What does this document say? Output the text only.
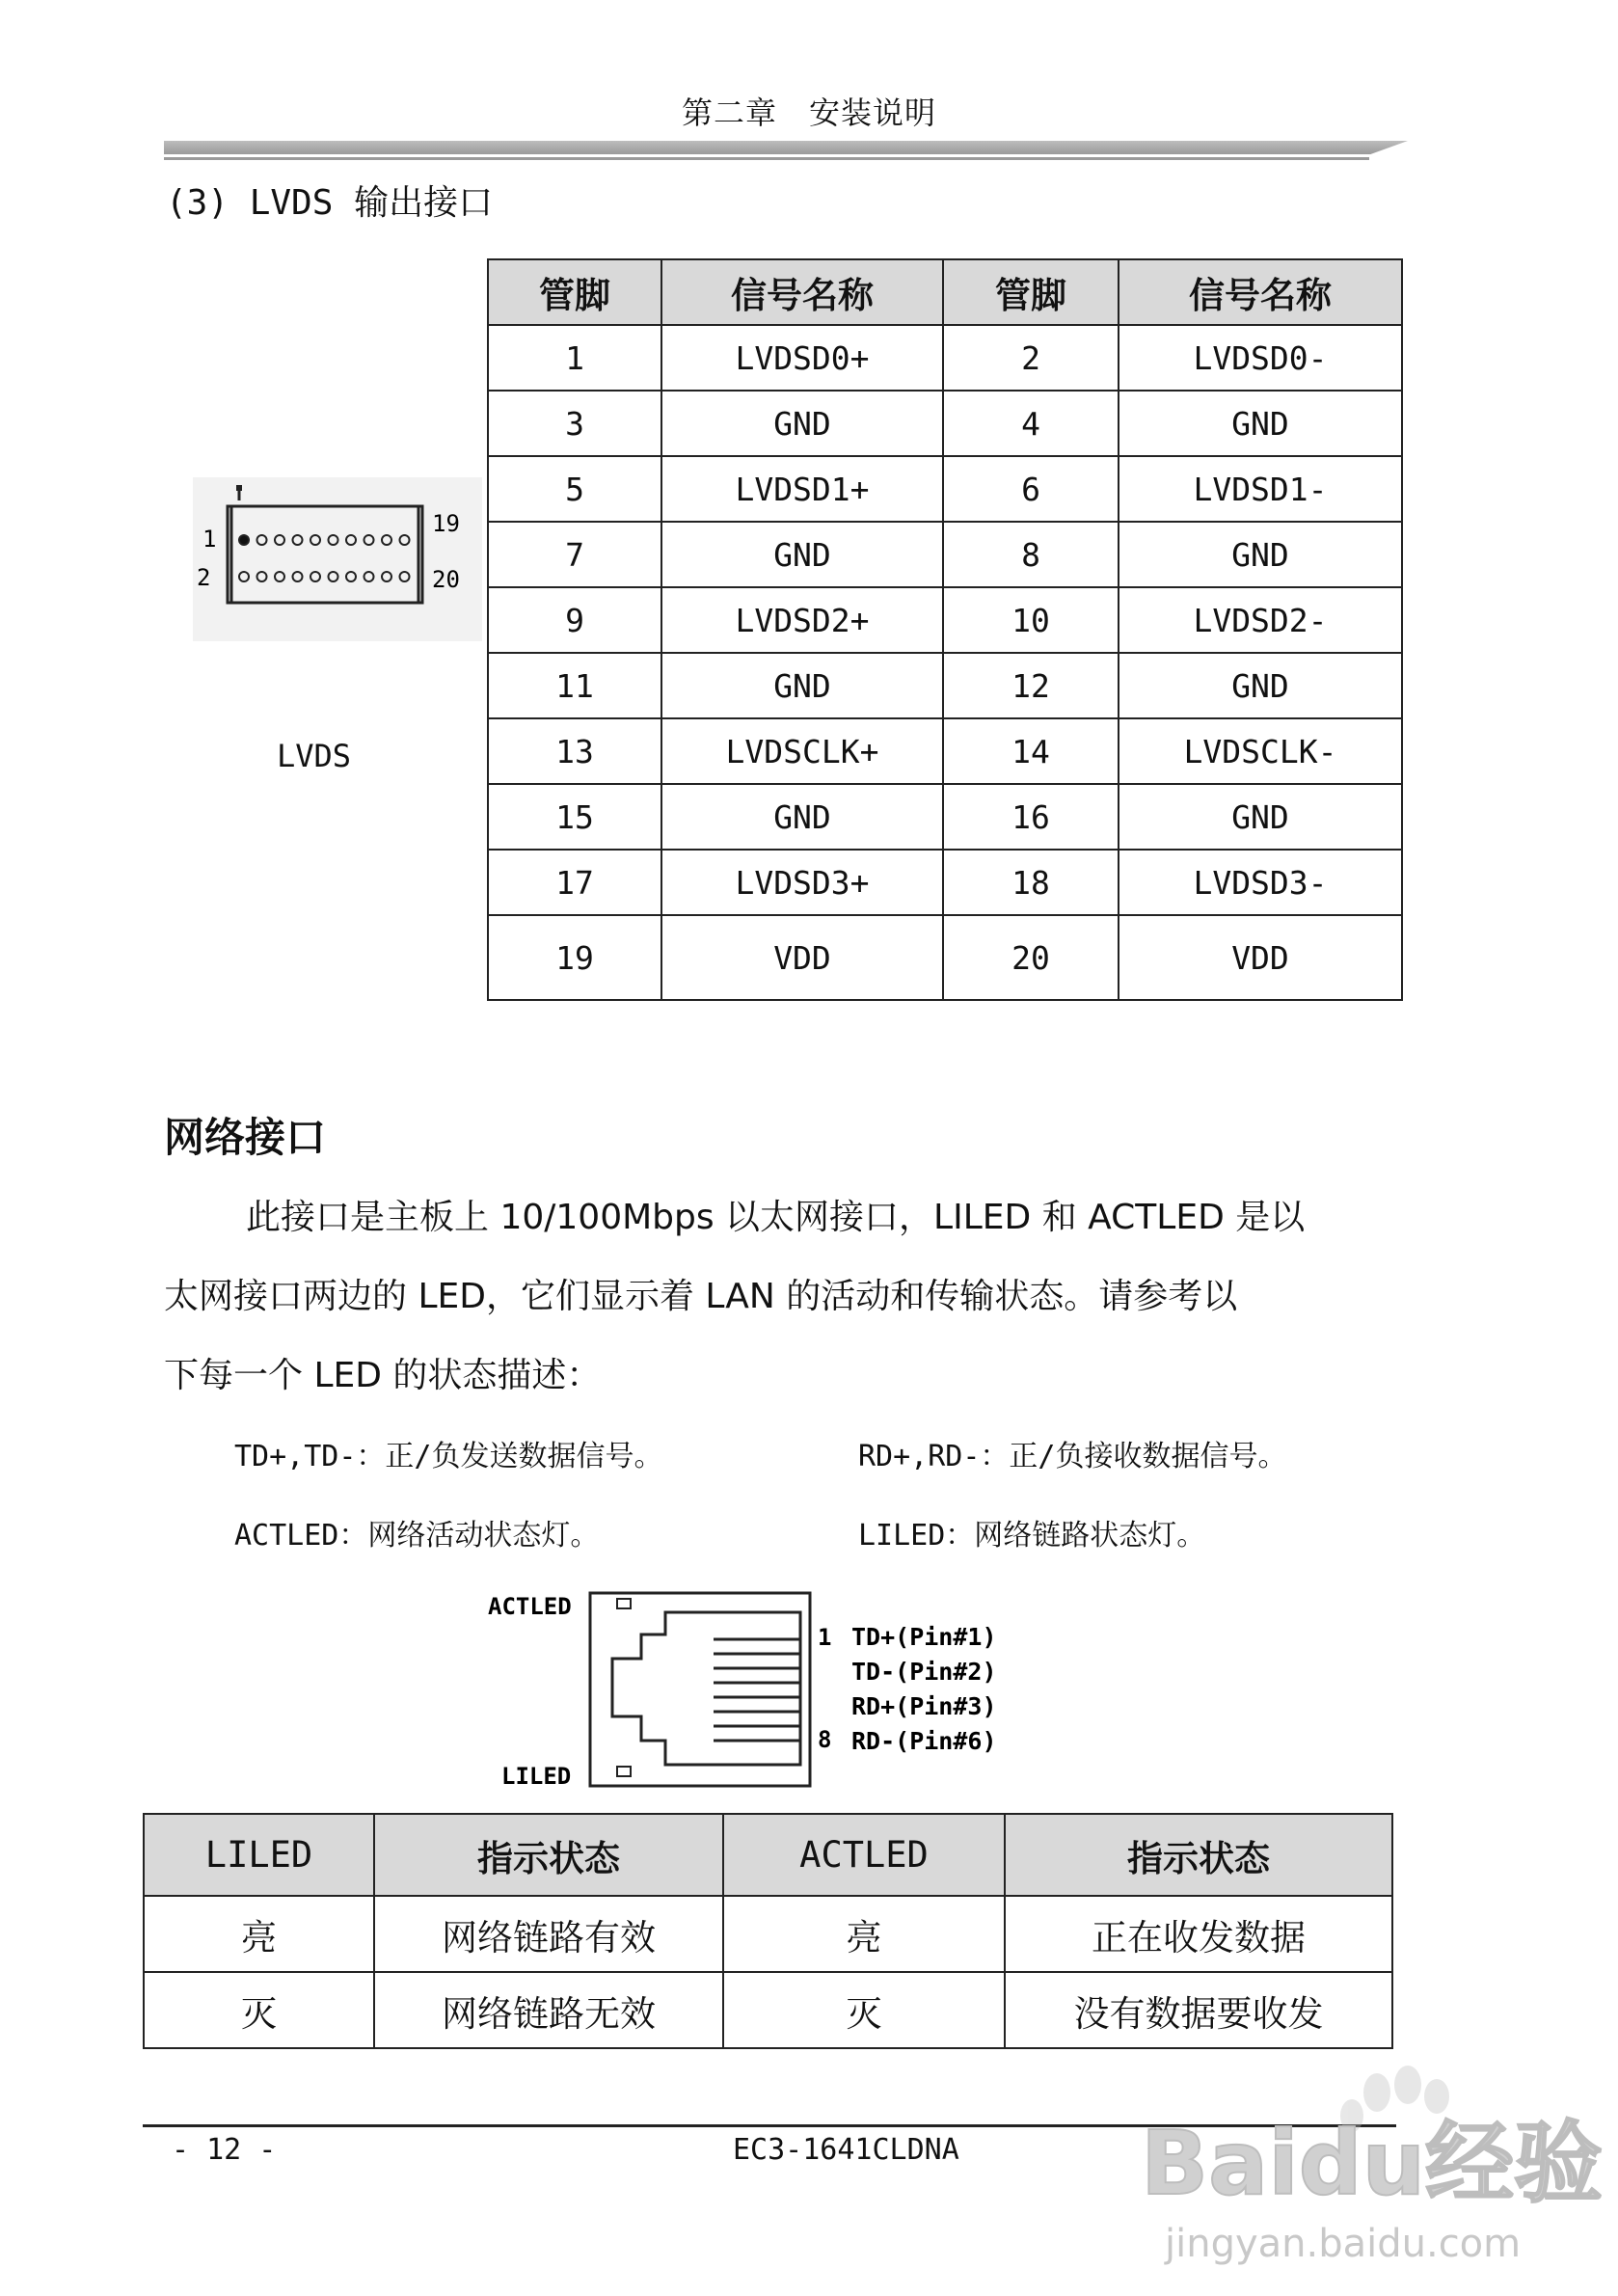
第二章　安装说明
(3) LVDS 输出接口
1
2
19
20
LVDS
管脚	信号名称	管脚	信号名称
1	LVDSD0+	2	LVDSD0-
3	GND	4	GND
5	LVDSD1+	6	LVDSD1-
7	GND	8	GND
9	LVDSD2+	10	LVDSD2-
11	GND	12	GND
13	LVDSCLK+	14	LVDSCLK-
15	GND	16	GND
17	LVDSD3+	18	LVDSD3-
19	VDD	20	VDD
网络接口
此接口是主板上 10/100Mbps 以太网接口，LILED 和 ACTLED 是以
太网接口两边的 LED，它们显示着 LAN 的活动和传输状态。请参考以
下每一个 LED 的状态描述：
TD+,TD-：正/负发送数据信号。	RD+,RD-：正/负接收数据信号。
ACTLED：网络活动状态灯。	LILED：网络链路状态灯。
ACTLED
LILED
1
8
TD+(Pin#1)
TD-(Pin#2)
RD+(Pin#3)
RD-(Pin#6)
LILED	指示状态	ACTLED	指示状态
亮	网络链路有效	亮	正在收发数据
灭	网络链路无效	灭	没有数据要收发
- 12 -	EC3-1641CLDNA Baidu经验
jingyan.baidu.com
